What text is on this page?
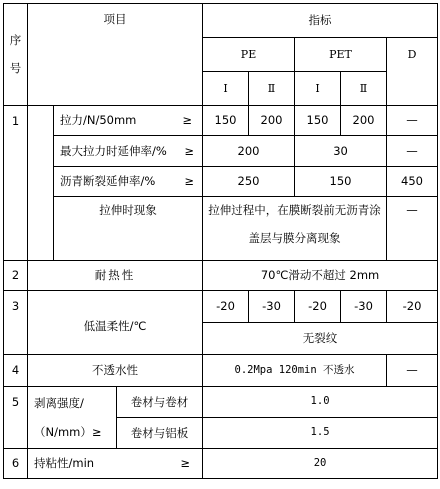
序号	项目			指标				
				PE		PET		D
				Ⅰ	Ⅱ	Ⅰ	Ⅱ	
1		拉力/N/50mm ≥		150	200	150	200	—
		最大拉力时延伸率/% ≥		200		30		—
		沥青断裂延伸率/% ≥		250		150		450
		拉伸时现象		拉伸过程中，在膜断裂前无沥青涂盖层与膜分离现象				—
2	耐热性			70℃滑动不超过 2mm				
3	低温柔性/℃			-20	-30	-20	-30	-20
				无裂纹				
4	不透水性			0.2Mpa 120min 不透水				—
5	剥离强度/
（N/mm）≥		卷材与卷材	1.0				
			卷材与铝板	1.5				
6	持粘性/min ≥			20				
